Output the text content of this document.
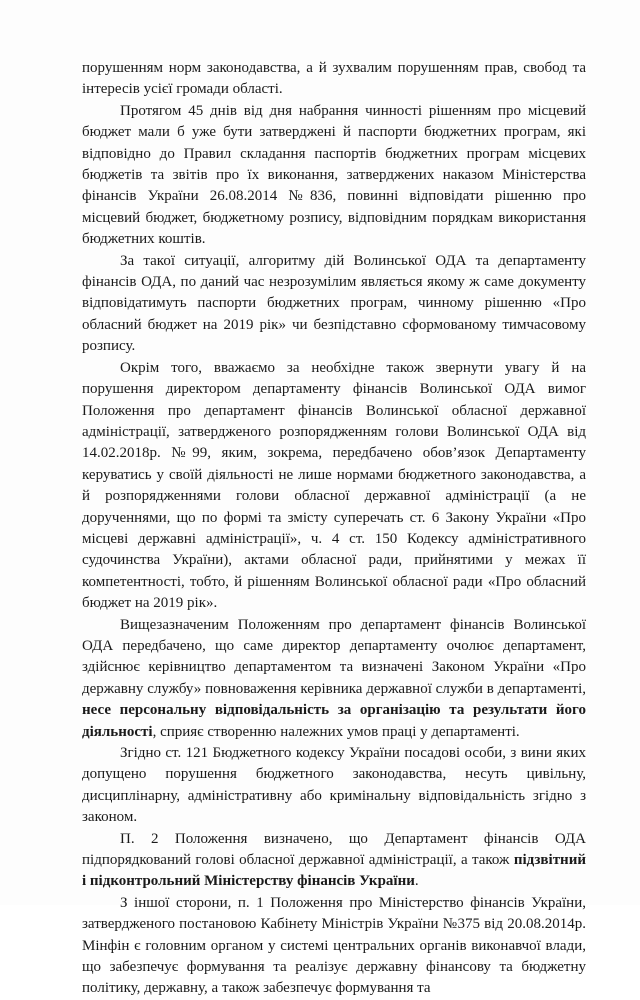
порушенням норм законодавства, а й зухвалим порушенням прав, свобод та інтересів усієї громади області.

Протягом 45 днів від дня набрання чинності рішенням про місцевий бюджет мали б уже бути затверджені й паспорти бюджетних програм, які відповідно до Правил складання паспортів бюджетних програм місцевих бюджетів та звітів про їх виконання, затверджених наказом Міністерства фінансів України 26.08.2014 №836, повинні відповідати рішенню про місцевий бюджет, бюджетному розпису, відповідним порядкам використання бюджетних коштів.

За такої ситуації, алгоритму дій Волинської ОДА та департаменту фінансів ОДА, по даний час незрозумілим являється якому ж саме документу відповідатимуть паспорти бюджетних програм, чинному рішенню «Про обласний бюджет на 2019 рік» чи безпідставно сформованому тимчасовому розпису.

Окрім того, вважаємо за необхідне також звернути увагу й на порушення директором департаменту фінансів Волинської ОДА вимог Положення про департамент фінансів Волинської обласної державної адміністрації, затвердженого розпорядженням голови Волинської ОДА від 14.02.2018р. №99, яким, зокрема, передбачено обов’язок Департаменту керуватись у своїй діяльності не лише нормами бюджетного законодавства, а й розпорядженнями голови обласної державної адміністрації (а не дорученнями, що по формі та змісту суперечать ст. 6 Закону України «Про місцеві державні адміністрації», ч. 4 ст. 150 Кодексу адміністративного судочинства України), актами обласної ради, прийнятими у межах її компетентності, тобто, й рішенням Волинської обласної ради «Про обласний бюджет на 2019 рік».

Вищезазначеним Положенням про департамент фінансів Волинської ОДА передбачено, що саме директор департаменту очолює департамент, здійснює керівництво департаментом та визначені Законом України «Про державну службу» повноваження керівника державної служби в департаменті, несе персональну відповідальність за організацію та результати його діяльності, сприяє створенню належних умов праці у департаменті.

Згідно ст. 121 Бюджетного кодексу України посадові особи, з вини яких допущено порушення бюджетного законодавства, несуть цивільну, дисциплінарну, адміністративну або кримінальну відповідальність згідно з законом.

П. 2 Положення визначено, що Департамент фінансів ОДА підпорядкований голові обласної державної адміністрації, а також підзвітний і підконтрольний Міністерству фінансів України.

З іншої сторони, п. 1 Положення про Міністерство фінансів України, затвердженого постановою Кабінету Міністрів України №375 від 20.08.2014р. Мінфін є головним органом у системі центральних органів виконавчої влади, що забезпечує формування та реалізує державну фінансову та бюджетну політику, державну, а також забезпечує формування та
